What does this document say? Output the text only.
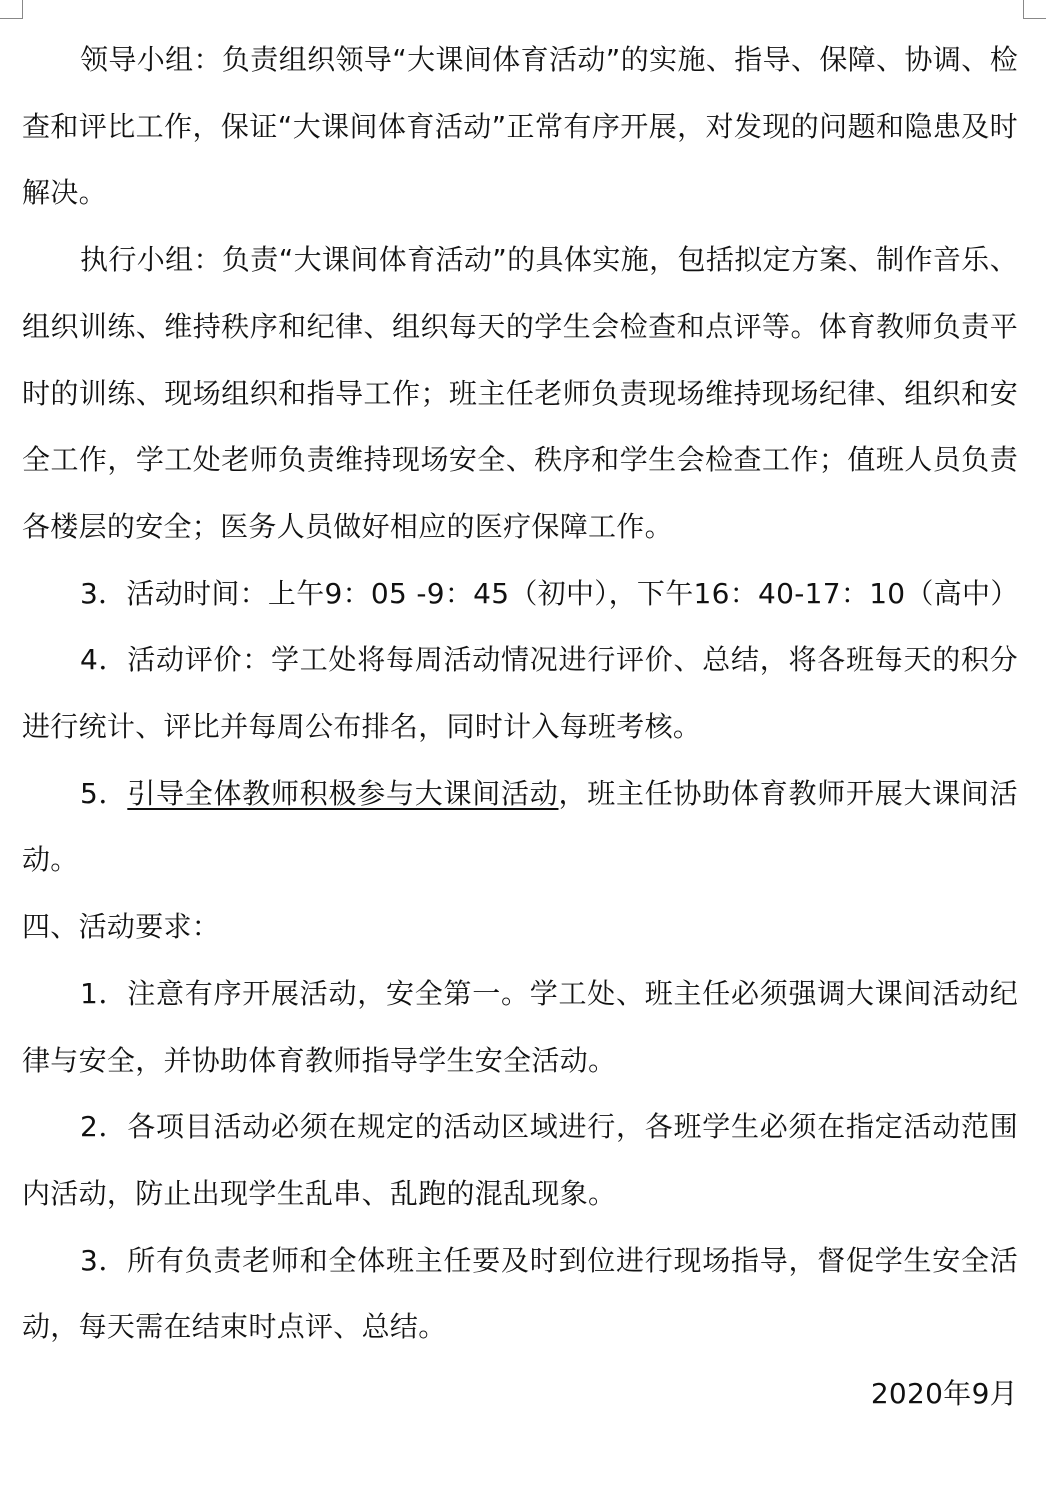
领导小组：负责组织领导“大课间体育活动”的实施、指导、保障、协调、检查和评比工作，保证“大课间体育活动”正常有序开展，对发现的问题和隐患及时解决。

执行小组：负责“大课间体育活动”的具体实施，包括拟定方案、制作音乐、组织训练、维持秩序和纪律、组织每天的学生会检查和点评等。体育教师负责平时的训练、现场组织和指导工作；班主任老师负责现场维持现场纪律、组织和安全工作，学工处老师负责维持现场安全、秩序和学生会检查工作；值班人员负责各楼层的安全；医务人员做好相应的医疗保障工作。

3．活动时间：上午9：05 -9：45（初中），下午16：40-17：10（高中）

4．活动评价：学工处将每周活动情况进行评价、总结，将各班每天的积分进行统计、评比并每周公布排名，同时计入每班考核。

5．引导全体教师积极参与大课间活动，班主任协助体育教师开展大课间活动。

四、活动要求：

1．注意有序开展活动，安全第一。学工处、班主任必须强调大课间活动纪律与安全，并协助体育教师指导学生安全活动。

2．各项目活动必须在规定的活动区域进行，各班学生必须在指定活动范围内活动，防止出现学生乱串、乱跑的混乱现象。

3．所有负责老师和全体班主任要及时到位进行现场指导，督促学生安全活动，每天需在结束时点评、总结。

2020年9月
